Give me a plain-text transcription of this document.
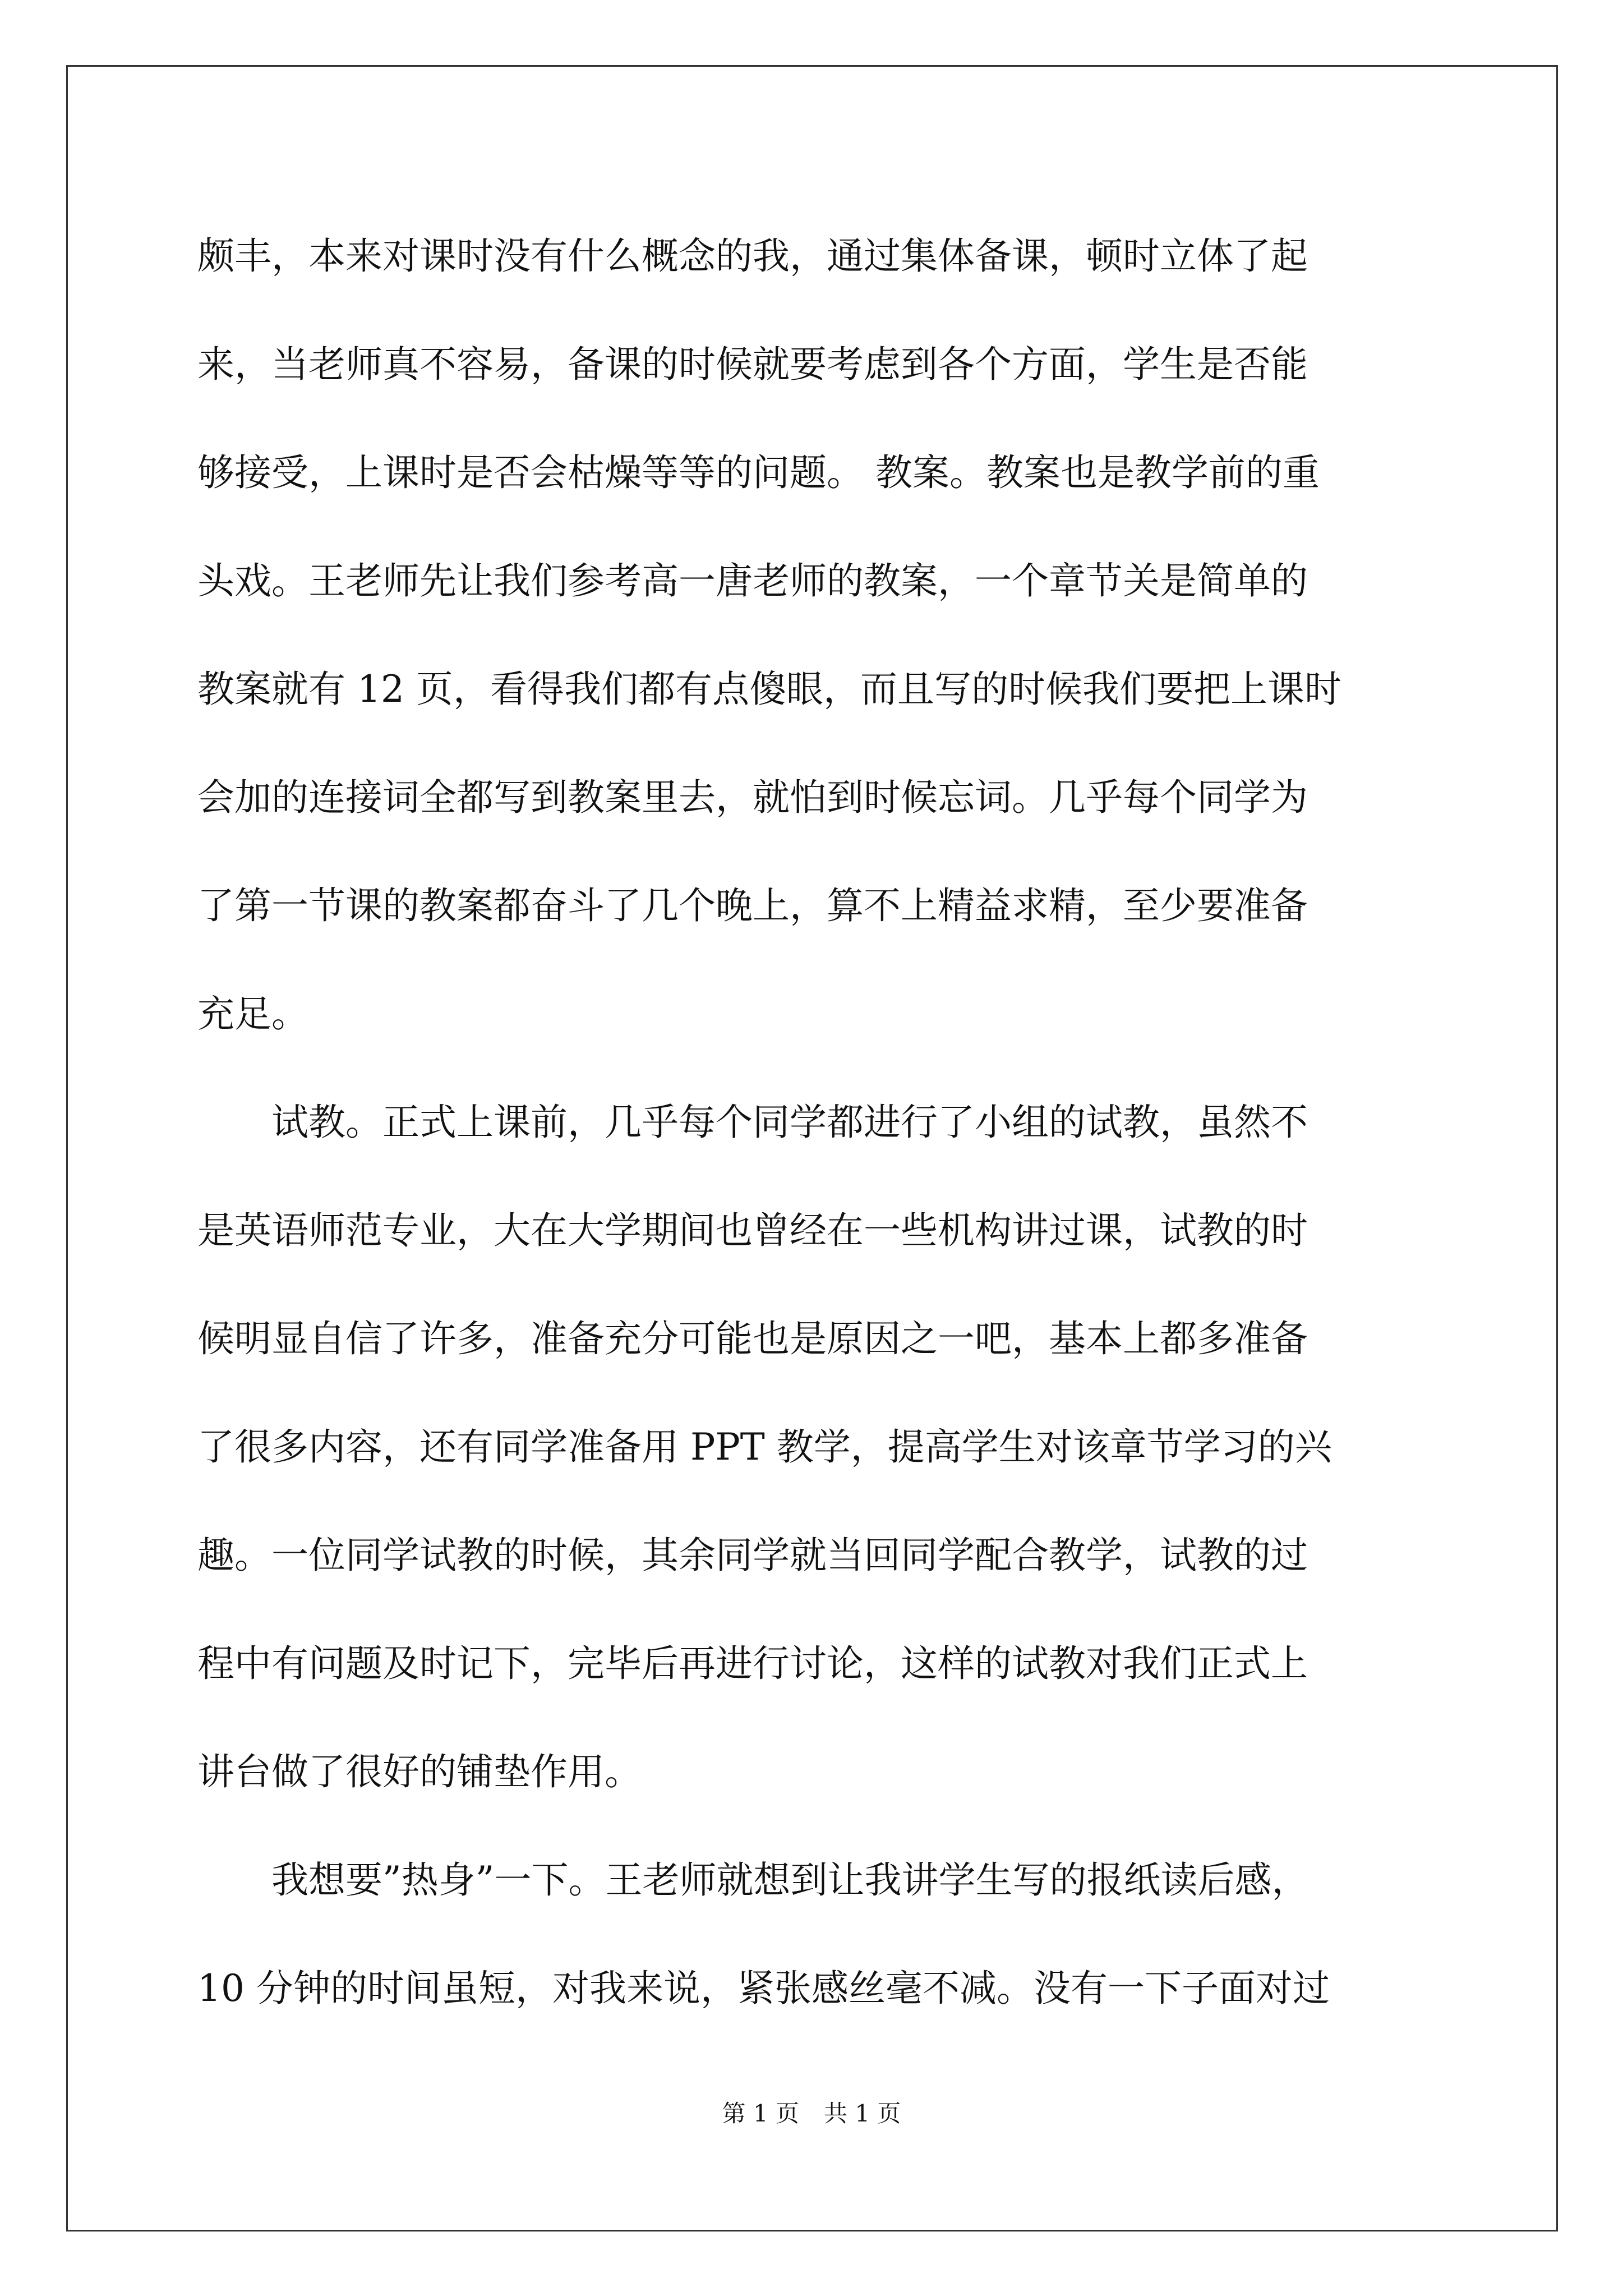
颇丰，本来对课时没有什么概念的我，通过集体备课，顿时立体了起
来，当老师真不容易，备课的时候就要考虑到各个方面，学生是否能
够接受，上课时是否会枯燥等等的问题。 教案。教案也是教学前的重
头戏。王老师先让我们参考高一唐老师的教案，一个章节关是简单的
教案就有 12 页，看得我们都有点傻眼，而且写的时候我们要把上课时
会加的连接词全都写到教案里去，就怕到时候忘词。几乎每个同学为
了第一节课的教案都奋斗了几个晚上，算不上精益求精，至少要准备
充足。
试教。正式上课前，几乎每个同学都进行了小组的试教，虽然不
是英语师范专业，大在大学期间也曾经在一些机构讲过课，试教的时
候明显自信了许多，准备充分可能也是原因之一吧，基本上都多准备
了很多内容，还有同学准备用 PPT 教学，提高学生对该章节学习的兴
趣。一位同学试教的时候，其余同学就当回同学配合教学，试教的过
程中有问题及时记下，完毕后再进行讨论，这样的试教对我们正式上
讲台做了很好的铺垫作用。
我想要”热身”一下。王老师就想到让我讲学生写的报纸读后感，
10 分钟的时间虽短，对我来说，紧张感丝毫不减。没有一下子面对过
第 1 页 共 1 页
